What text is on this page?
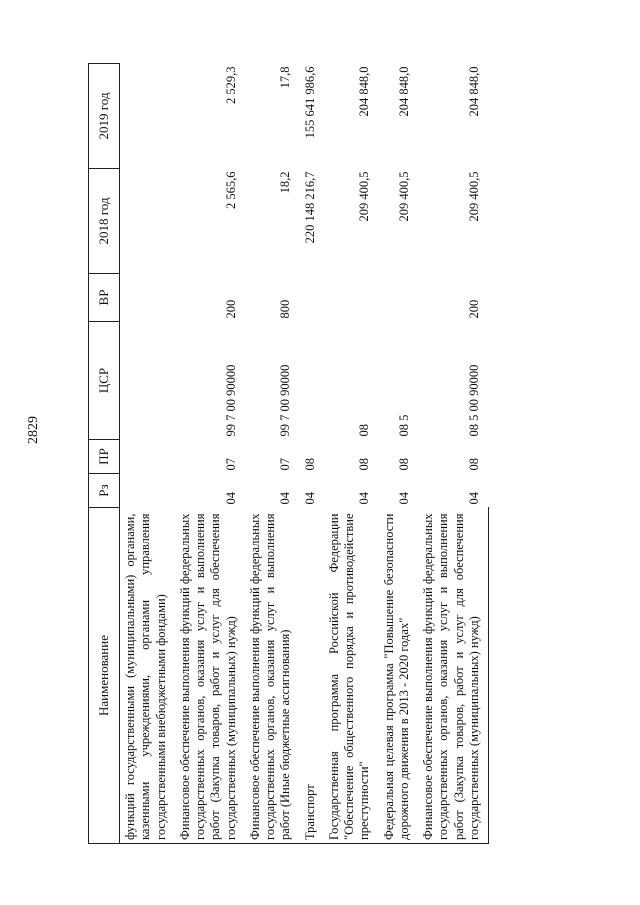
2829
Наименование	Рз	ПР	ЦСР	ВР	2018 год	2019 год
функций государственными (муниципальными) органами, казенными учреждениями, органами управления государственными внебюджетными фондами)						
Финансовое обеспечение выполнения функций федеральных государственных органов, оказания услуг и выполнения работ (Закупка товаров, работ и услуг для обеспечения государственных (муниципальных) нужд)	04	07	99 7 00 90000	200	2 565,6	2 529,3
Финансовое обеспечение выполнения функций федеральных государственных органов, оказания услуг и выполнения работ (Иные бюджетные ассигнования)	04	07	99 7 00 90000	800	18,2	17,8
Транспорт	04	08			220 148 216,7	155 641 986,6
Государственная программа Российской Федерации "Обеспечение общественного порядка и противодействие преступности"	04	08	08		209 400,5	204 848,0
Федеральная целевая программа "Повышение безопасности дорожного движения в 2013 - 2020 годах"	04	08	08 5		209 400,5	204 848,0
Финансовое обеспечение выполнения функций федеральных государственных органов, оказания услуг и выполнения работ (Закупка товаров, работ и услуг для обеспечения государственных (муниципальных) нужд)	04	08	08 5 00 90000	200	209 400,5	204 848,0
